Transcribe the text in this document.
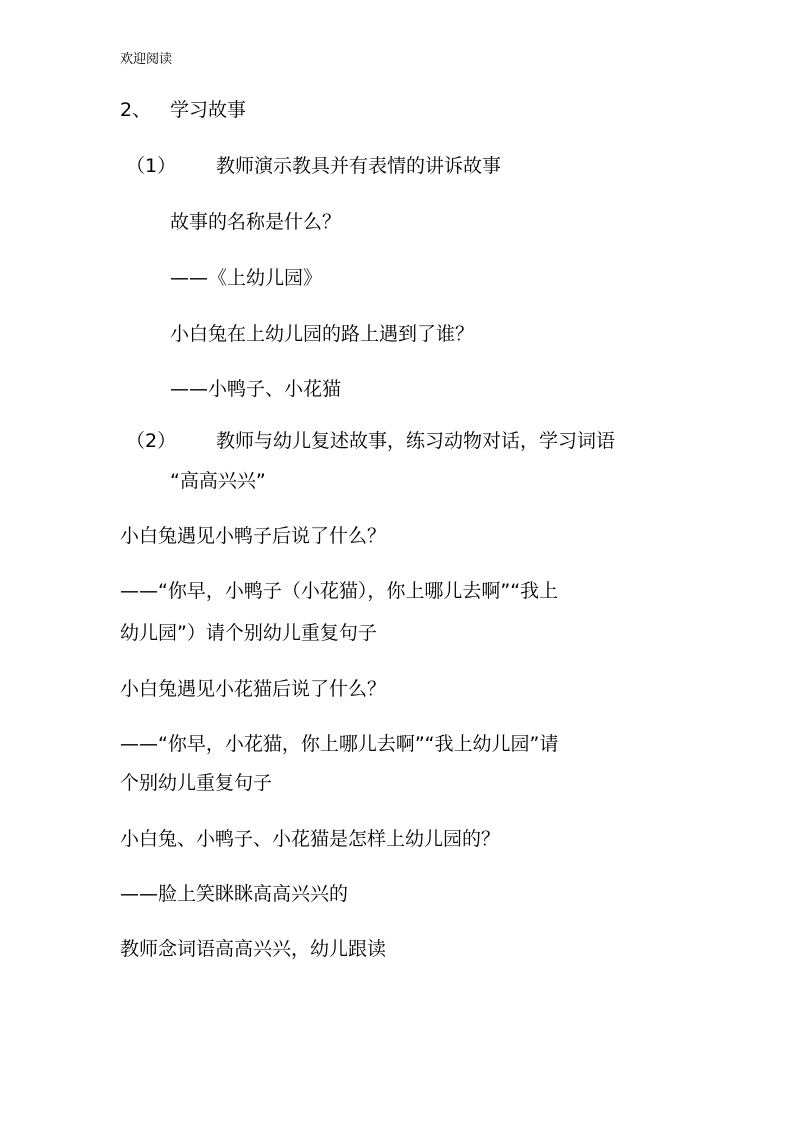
欢迎阅读
2、 学习故事
（1） 教师演示教具并有表情的讲诉故事
故事的名称是什么？
——《上幼儿园》
小白兔在上幼儿园的路上遇到了谁？
——小鸭子、小花猫
（2） 教师与幼儿复述故事，练习动物对话，学习词语
“高高兴兴”
小白兔遇见小鸭子后说了什么？
——“你早，小鸭子（小花猫），你上哪儿去啊”“我上
幼儿园”）请个别幼儿重复句子
小白兔遇见小花猫后说了什么？
——“你早，小花猫，你上哪儿去啊”“我上幼儿园”请
个别幼儿重复句子
小白兔、小鸭子、小花猫是怎样上幼儿园的？
——脸上笑眯眯高高兴兴的
教师念词语高高兴兴，幼儿跟读
